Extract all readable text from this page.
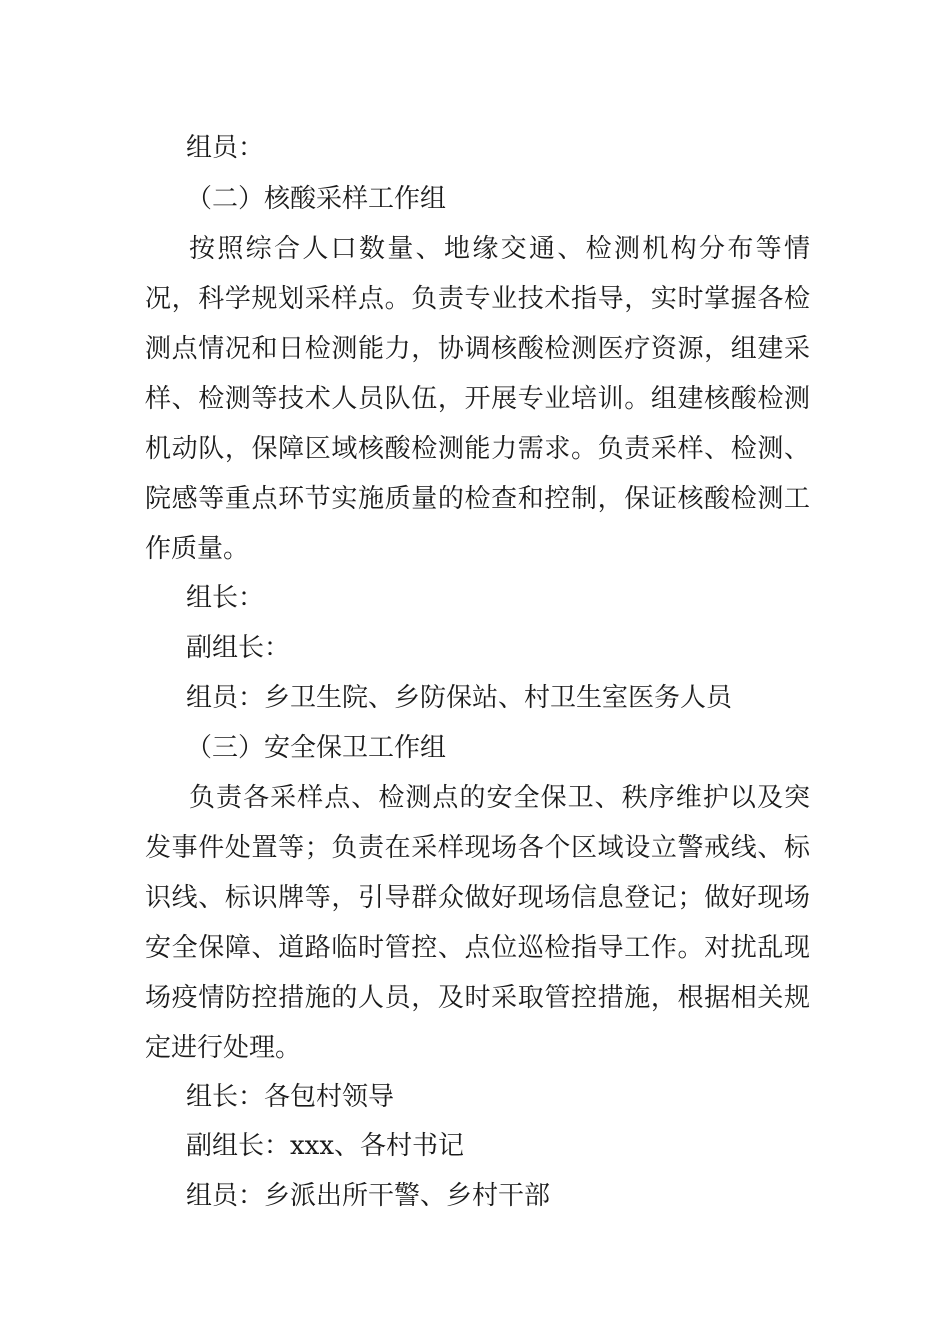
组员：
（二）核酸采样工作组
按照综合人口数量、地缘交通、检测机构分布等情况，科学规划采样点。负责专业技术指导，实时掌握各检测点情况和日检测能力，协调核酸检测医疗资源，组建采样、检测等技术人员队伍，开展专业培训。组建核酸检测机动队，保障区域核酸检测能力需求。负责采样、检测、院感等重点环节实施质量的检查和控制，保证核酸检测工作质量。
组长：
副组长：
组员：乡卫生院、乡防保站、村卫生室医务人员
（三）安全保卫工作组
负责各采样点、检测点的安全保卫、秩序维护以及突发事件处置等；负责在采样现场各个区域设立警戒线、标识线、标识牌等，引导群众做好现场信息登记；做好现场安全保障、道路临时管控、点位巡检指导工作。对扰乱现场疫情防控措施的人员，及时采取管控措施，根据相关规定进行处理。
组长：各包村领导
副组长：xxx、各村书记
组员：乡派出所干警、乡村干部
